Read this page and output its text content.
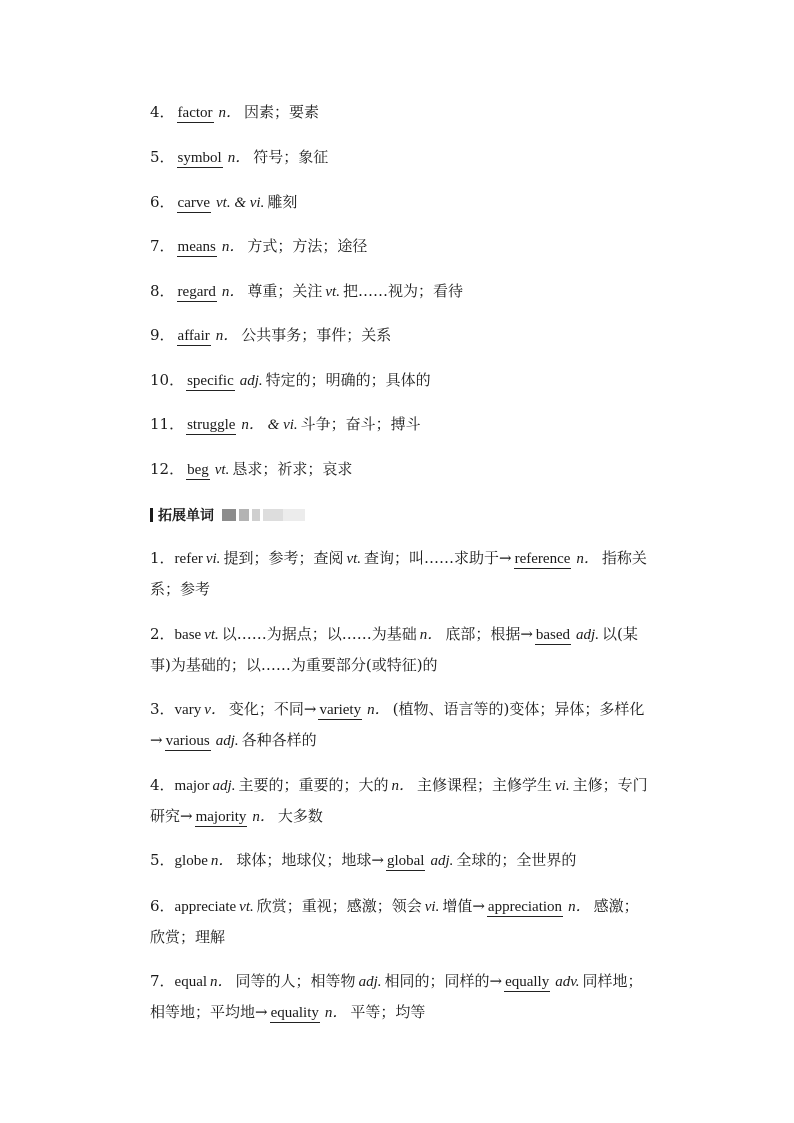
4． factor n． 因素；要素
5． symbol n． 符号；象征
6． carve vt. & vi. 雕刻
7． means n． 方式；方法；途径
8． regard n． 尊重；关注 vt. 把……视为；看待
9． affair n． 公共事务；事件；关系
10． specific adj. 特定的；明确的；具体的
11． struggle n． & vi. 斗争；奋斗；搏斗
12． beg vt. 恳求；祈求；哀求
拓展单词
1．refer vi. 提到；参考；查阅 vt. 查询；叫……求助于→ reference n． 指称关系；参考
2．base vt. 以……为据点；以……为基础 n． 底部；根据→ based adj. 以(某事)为基础的；以……为重要部分(或特征)的
3．vary v． 变化；不同→ variety n． (植物、语言等的)变体；异体；多样化→ various adj. 各种各样的
4．major adj. 主要的；重要的；大的 n． 主修课程；主修学生 vi. 主修；专门研究→ majority n． 大多数
5．globe n． 球体；地球仪；地球→ global adj. 全球的；全世界的
6．appreciate vt. 欣赏；重视；感激；领会 vi. 增值→ appreciation n． 感激；欣赏；理解
7．equal n． 同等的人；相等物 adj. 相同的；同样的→ equally adv. 同样地；相等地；平均地→ equality n． 平等；均等
